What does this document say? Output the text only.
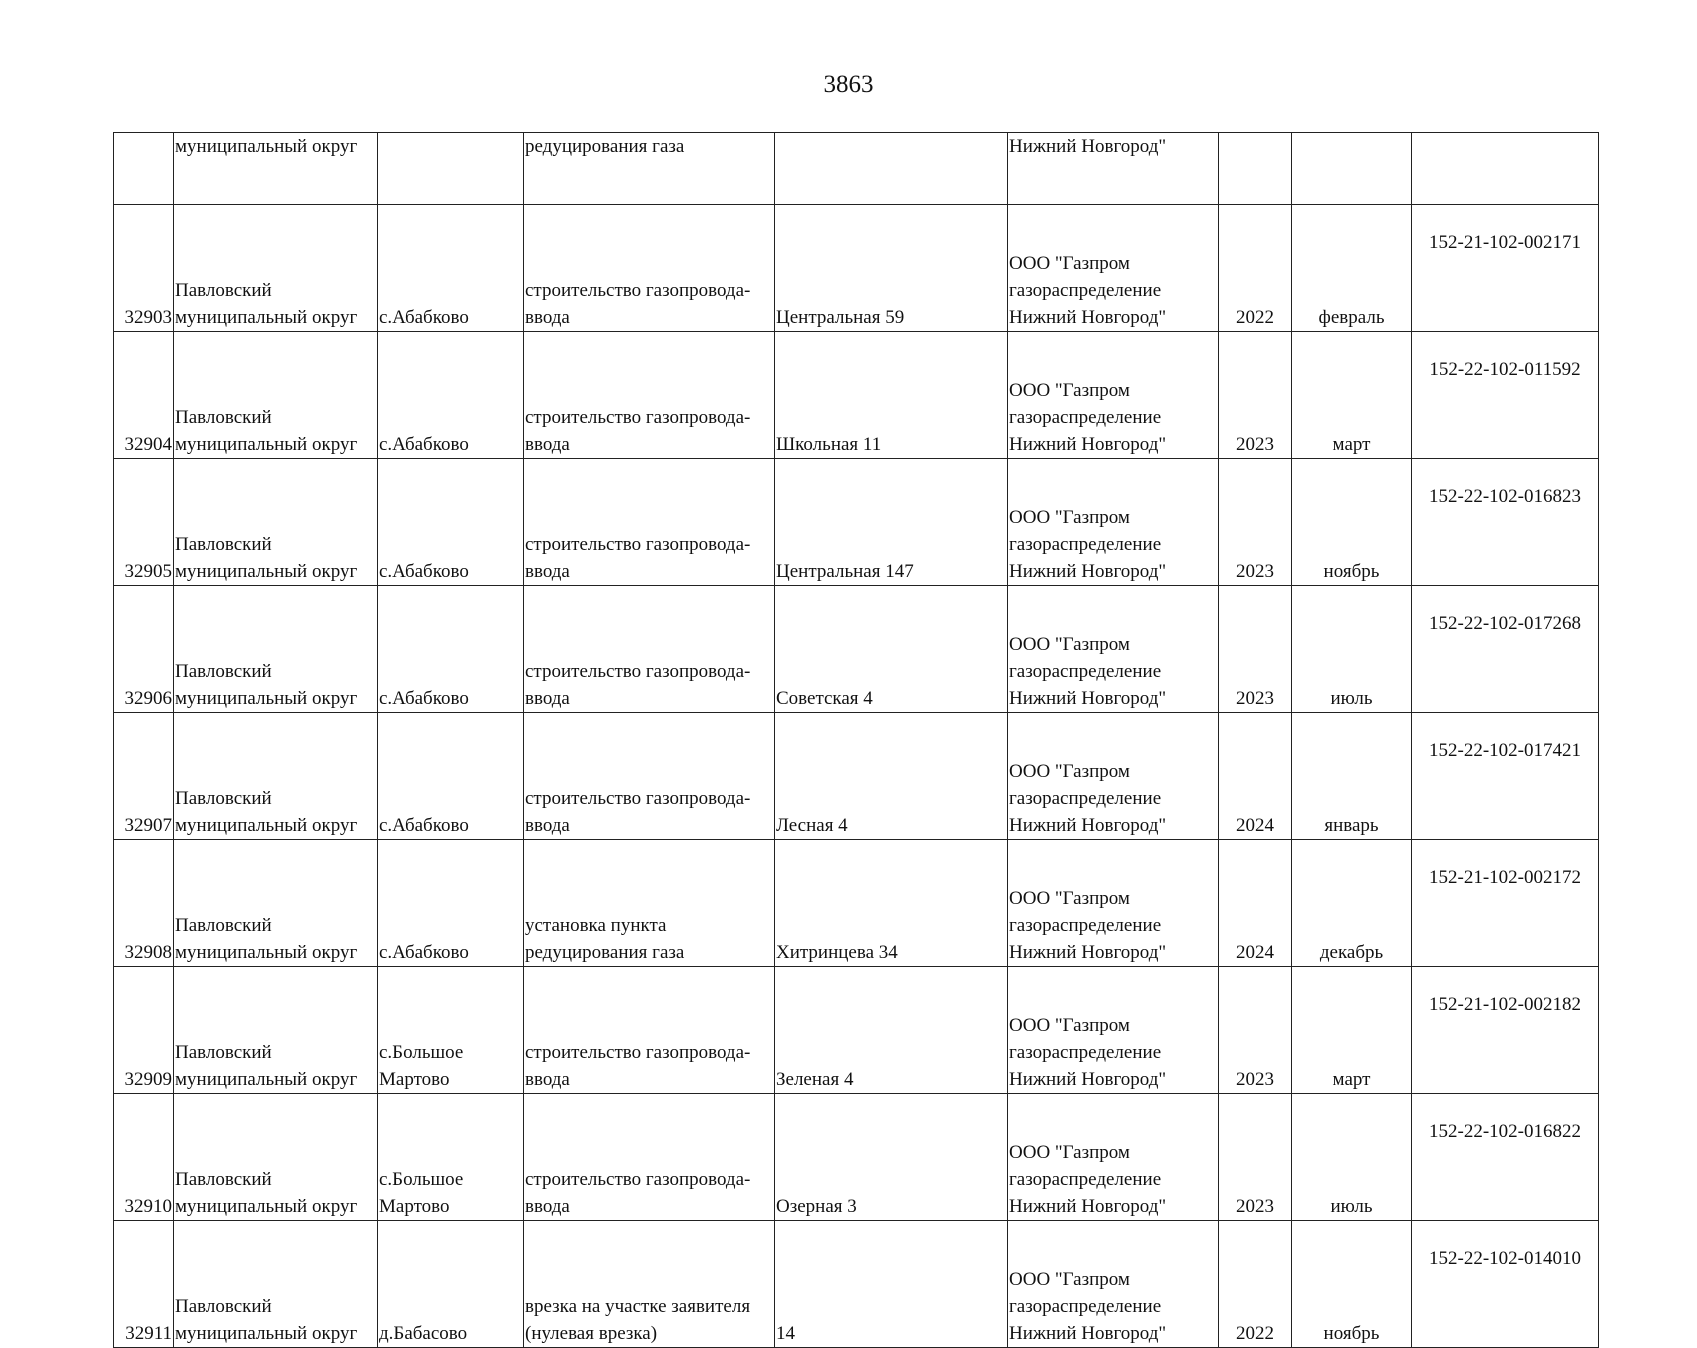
3863
	муниципальный округ		редуцирования газа		Нижний Новгород"			
32903	Павловский
муниципальный округ	с.Абабково	строительство газопровода-
ввода	Центральная 59	ООО "Газпром
газораспределение
Нижний Новгород"	2022	февраль	152-21-102-002171
32904	Павловский
муниципальный округ	с.Абабково	строительство газопровода-
ввода	Школьная 11	ООО "Газпром
газораспределение
Нижний Новгород"	2023	март	152-22-102-011592
32905	Павловский
муниципальный округ	с.Абабково	строительство газопровода-
ввода	Центральная 147	ООО "Газпром
газораспределение
Нижний Новгород"	2023	ноябрь	152-22-102-016823
32906	Павловский
муниципальный округ	с.Абабково	строительство газопровода-
ввода	Советская 4	ООО "Газпром
газораспределение
Нижний Новгород"	2023	июль	152-22-102-017268
32907	Павловский
муниципальный округ	с.Абабково	строительство газопровода-
ввода	Лесная 4	ООО "Газпром
газораспределение
Нижний Новгород"	2024	январь	152-22-102-017421
32908	Павловский
муниципальный округ	с.Абабково	установка пункта
редуцирования газа	Хитринцева 34	ООО "Газпром
газораспределение
Нижний Новгород"	2024	декабрь	152-21-102-002172
32909	Павловский
муниципальный округ	с.Большое
Мартово	строительство газопровода-
ввода	Зеленая 4	ООО "Газпром
газораспределение
Нижний Новгород"	2023	март	152-21-102-002182
32910	Павловский
муниципальный округ	с.Большое
Мартово	строительство газопровода-
ввода	Озерная 3	ООО "Газпром
газораспределение
Нижний Новгород"	2023	июль	152-22-102-016822
32911	Павловский
муниципальный округ	д.Бабасово	врезка на участке заявителя
(нулевая врезка)	14	ООО "Газпром
газораспределение
Нижний Новгород"	2022	ноябрь	152-22-102-014010
